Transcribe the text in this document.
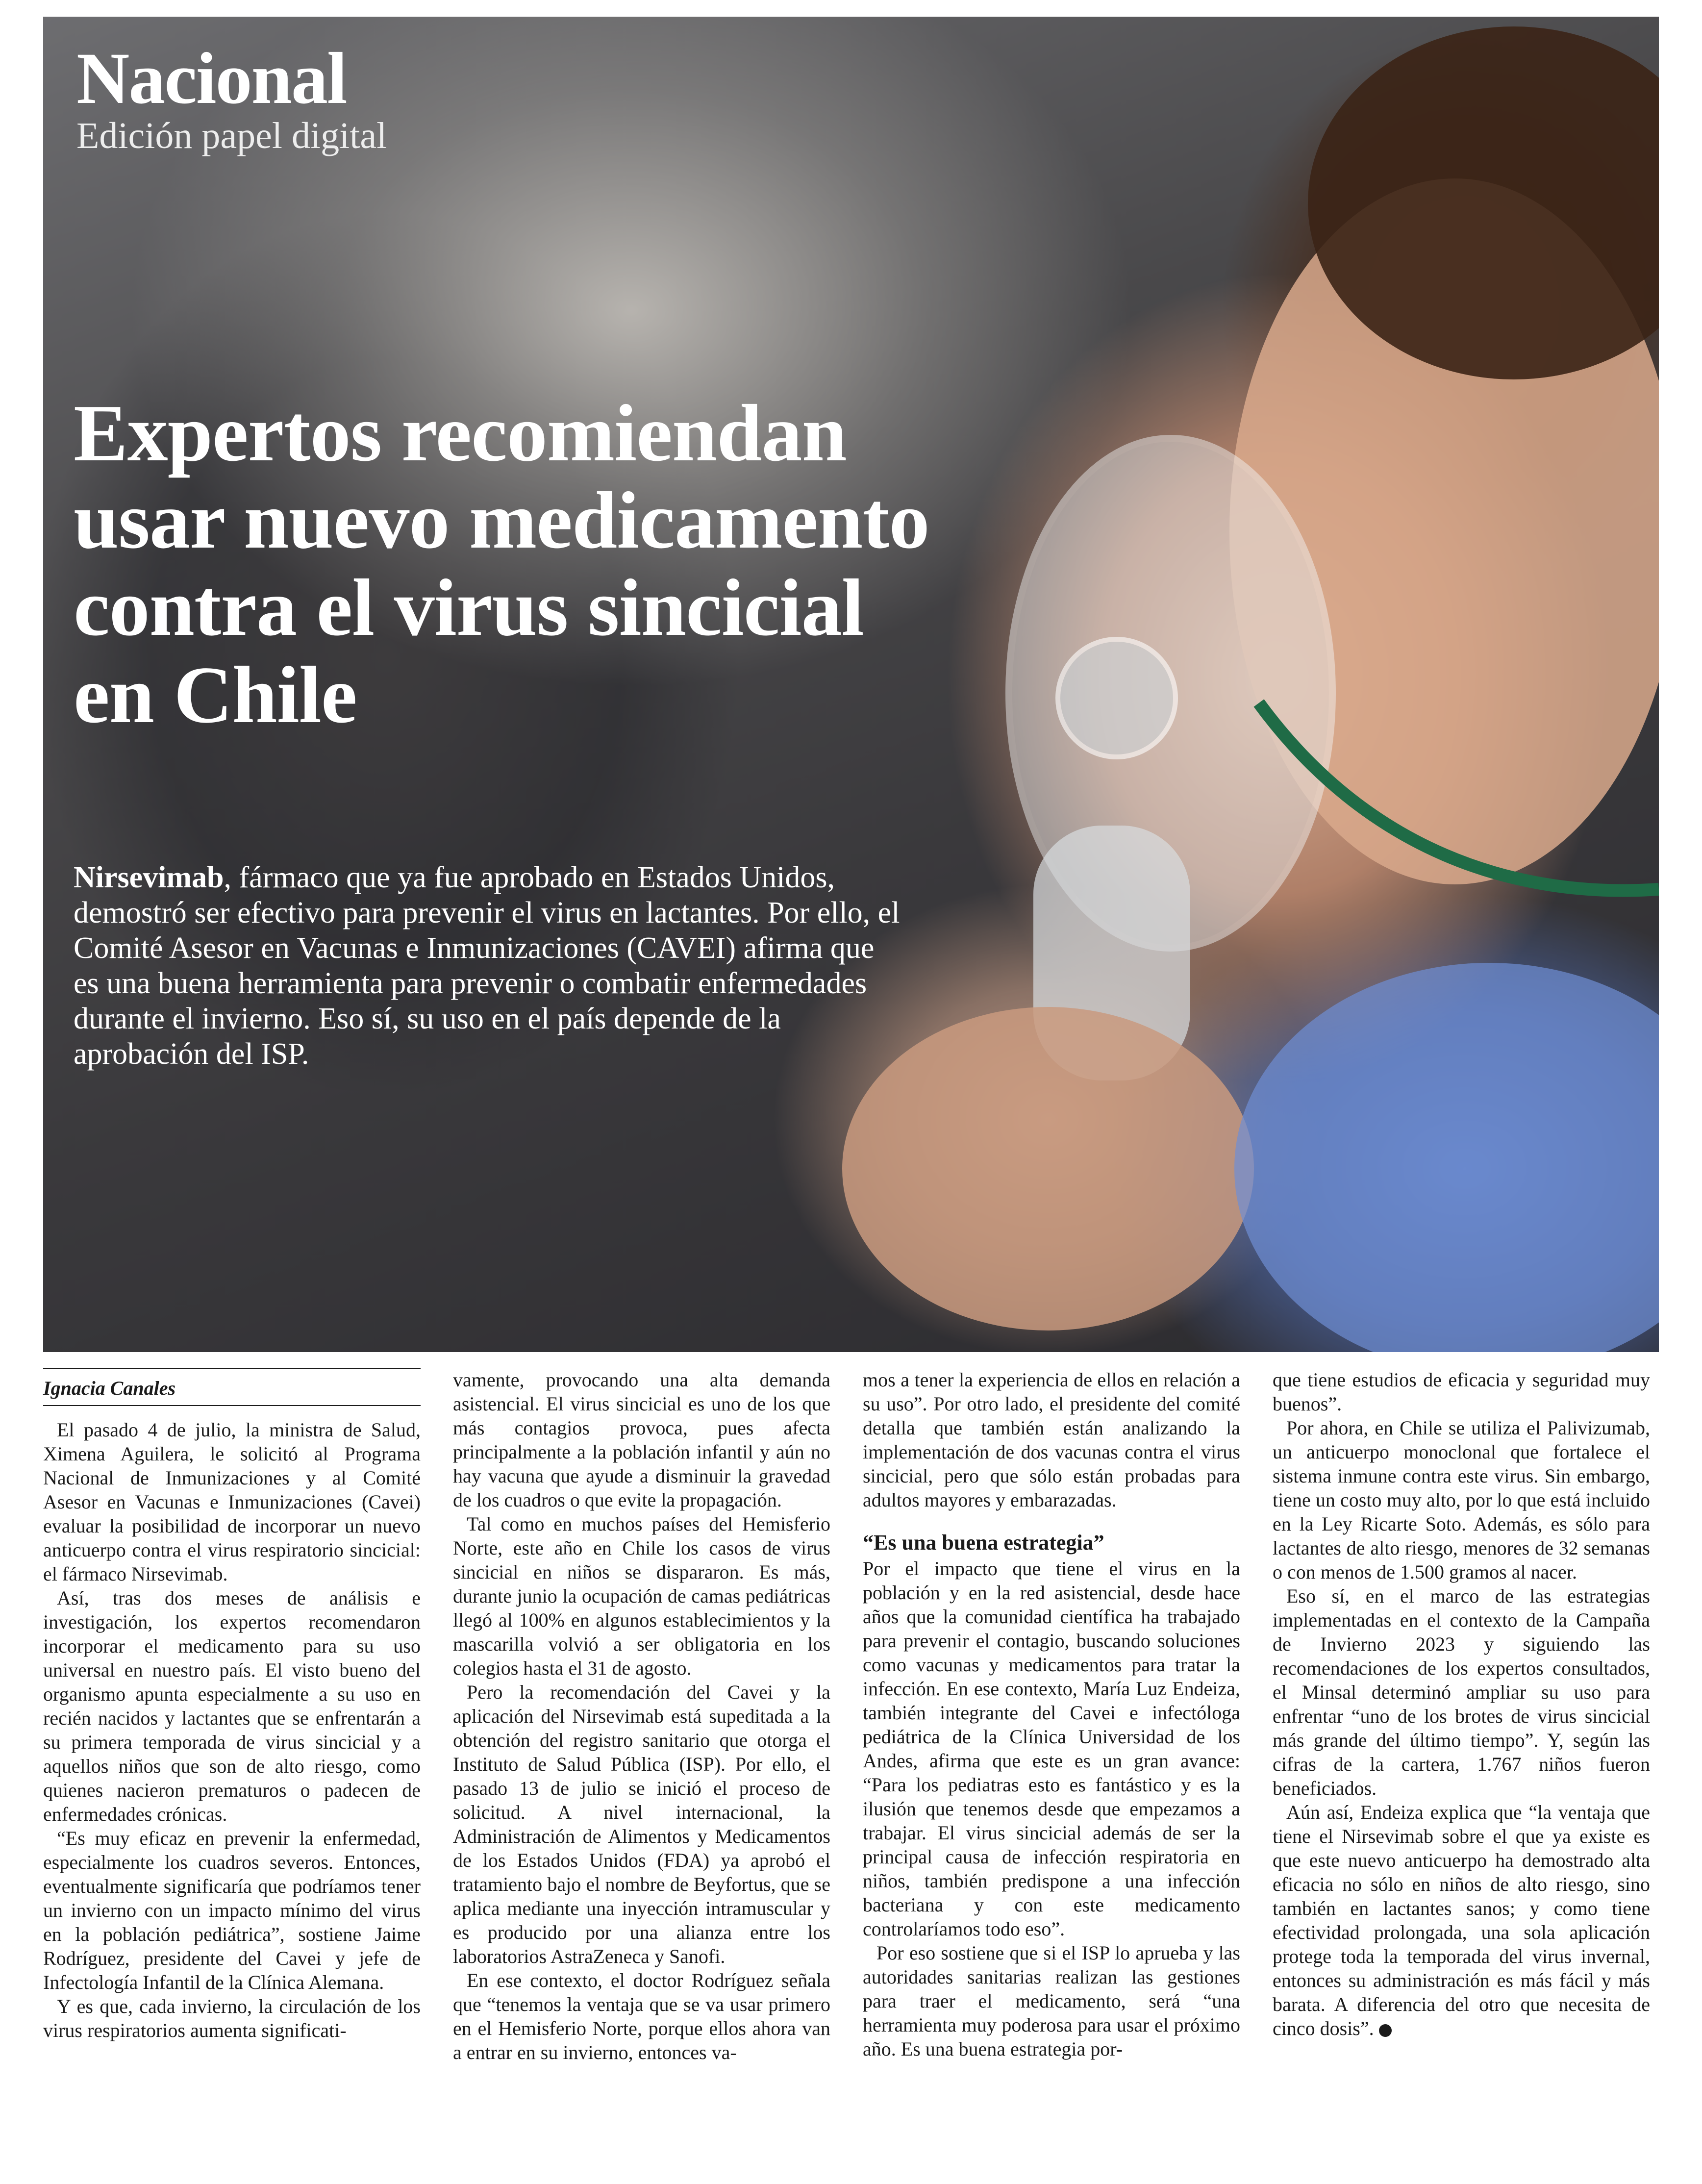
Nacional

Edición papel digital

Expertos recomiendan usar nuevo medicamento contra el virus sincicial en Chile

Nirsevimab, fármaco que ya fue aprobado en Estados Unidos, demostró ser efectivo para prevenir el virus en lactantes. Por ello, el Comité Asesor en Vacunas e Inmunizaciones (CAVEI) afirma que es una buena herramienta para prevenir o combatir enfermedades durante el invierno. Eso sí, su uso en el país depende de la aprobación del ISP.

Ignacia Canales

El pasado 4 de julio, la ministra de Salud, Ximena Aguilera, le solicitó al Programa Nacional de Inmunizaciones y al Comité Asesor en Vacunas e Inmunizaciones (Cavei) evaluar la posibilidad de incorporar un nuevo anticuerpo contra el virus respiratorio sincicial: el fármaco Nirsevimab.

Así, tras dos meses de análisis e investigación, los expertos recomendaron incorporar el medicamento para su uso universal en nuestro país. El visto bueno del organismo apunta especialmente a su uso en recién nacidos y lactantes que se enfrentarán a su primera temporada de virus sincicial y a aquellos niños que son de alto riesgo, como quienes nacieron prematuros o padecen de enfermedades crónicas.

“Es muy eficaz en prevenir la enfermedad, especialmente los cuadros severos. Entonces, eventualmente significaría que podríamos tener un invierno con un impacto mínimo del virus en la población pediátrica”, sostiene Jaime Rodríguez, presidente del Cavei y jefe de Infectología Infantil de la Clínica Alemana.

Y es que, cada invierno, la circulación de los virus respiratorios aumenta significati-

vamente, provocando una alta demanda asistencial. El virus sincicial es uno de los que más contagios provoca, pues afecta principalmente a la población infantil y aún no hay vacuna que ayude a disminuir la gravedad de los cuadros o que evite la propagación.

Tal como en muchos países del Hemisferio Norte, este año en Chile los casos de virus sincicial en niños se dispararon. Es más, durante junio la ocupación de camas pediátricas llegó al 100% en algunos establecimientos y la mascarilla volvió a ser obligatoria en los colegios hasta el 31 de agosto.

Pero la recomendación del Cavei y la aplicación del Nirsevimab está supeditada a la obtención del registro sanitario que otorga el Instituto de Salud Pública (ISP). Por ello, el pasado 13 de julio se inició el proceso de solicitud. A nivel internacional, la Administración de Alimentos y Medicamentos de los Estados Unidos (FDA) ya aprobó el tratamiento bajo el nombre de Beyfortus, que se aplica mediante una inyección intramuscular y es producido por una alianza entre los laboratorios AstraZeneca y Sanofi.

En ese contexto, el doctor Rodríguez señala que “tenemos la ventaja que se va usar primero en el Hemisferio Norte, porque ellos ahora van a entrar en su invierno, entonces va-

mos a tener la experiencia de ellos en relación a su uso”. Por otro lado, el presidente del comité detalla que también están analizando la implementación de dos vacunas contra el virus sincicial, pero que sólo están probadas para adultos mayores y embarazadas.

“Es una buena estrategia”

Por el impacto que tiene el virus en la población y en la red asistencial, desde hace años que la comunidad científica ha trabajado para prevenir el contagio, buscando soluciones como vacunas y medicamentos para tratar la infección. En ese contexto, María Luz Endeiza, también integrante del Cavei e infectóloga pediátrica de la Clínica Universidad de los Andes, afirma que este es un gran avance: “Para los pediatras esto es fantástico y es la ilusión que tenemos desde que empezamos a trabajar. El virus sincicial además de ser la principal causa de infección respiratoria en niños, también predispone a una infección bacteriana y con este medicamento controlaríamos todo eso”.

Por eso sostiene que si el ISP lo aprueba y las autoridades sanitarias realizan las gestiones para traer el medicamento, será “una herramienta muy poderosa para usar el próximo año. Es una buena estrategia por-

que tiene estudios de eficacia y seguridad muy buenos”.

Por ahora, en Chile se utiliza el Palivizumab, un anticuerpo monoclonal que fortalece el sistema inmune contra este virus. Sin embargo, tiene un costo muy alto, por lo que está incluido en la Ley Ricarte Soto. Además, es sólo para lactantes de alto riesgo, menores de 32 semanas o con menos de 1.500 gramos al nacer.

Eso sí, en el marco de las estrategias implementadas en el contexto de la Campaña de Invierno 2023 y siguiendo las recomendaciones de los expertos consultados, el Minsal determinó ampliar su uso para enfrentar “uno de los brotes de virus sincicial más grande del último tiempo”. Y, según las cifras de la cartera, 1.767 niños fueron beneficiados.

Aún así, Endeiza explica que “la ventaja que tiene el Nirsevimab sobre el que ya existe es que este nuevo anticuerpo ha demostrado alta eficacia no sólo en niños de alto riesgo, sino también en lactantes sanos; y como tiene efectividad prolongada, una sola aplicación protege toda la temporada del virus invernal, entonces su administración es más fácil y más barata. A diferencia del otro que necesita de cinco dosis”.
